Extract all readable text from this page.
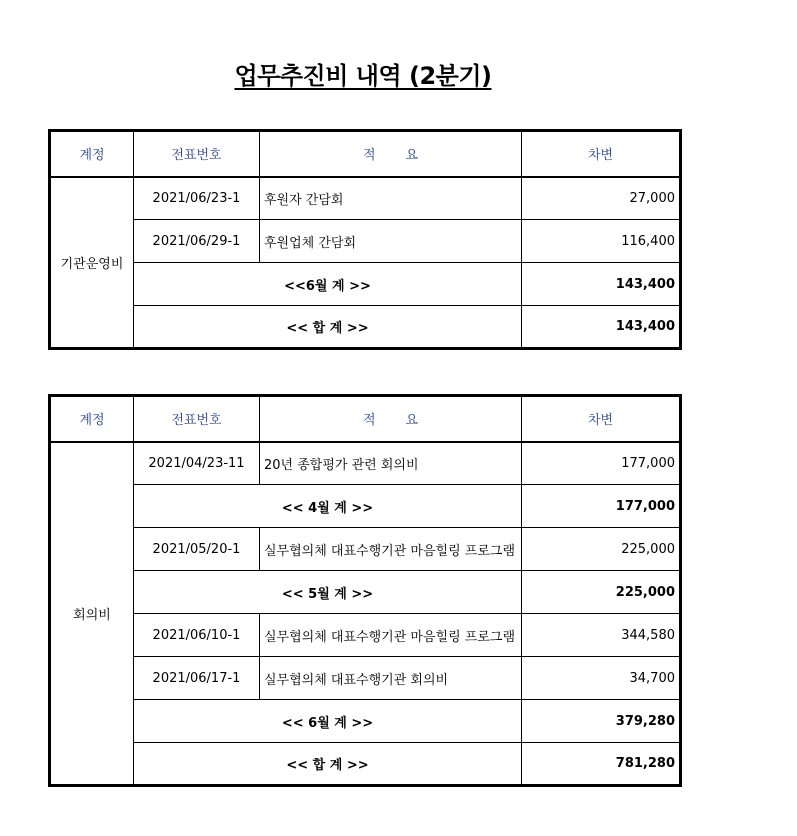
업무추진비 내역 (2분기)
계정	전표번호	적 요	차변
기관운영비	2021/06/23-1	후원자 간담회	27,000
	2021/06/29-1	후원업체 간담회	116,400
	<<6월 계 >>		143,400
	<< 합 계 >>		143,400
계정	전표번호	적 요	차변
회의비	2021/04/23-11	20년 종합평가 관련 회의비	177,000
	<< 4월 계 >>		177,000
	2021/05/20-1	실무협의체 대표수행기관 마음힐링 프로그램	225,000
	<< 5월 계 >>		225,000
	2021/06/10-1	실무협의체 대표수행기관 마음힐링 프로그램	344,580
	2021/06/17-1	실무협의체 대표수행기관 회의비	34,700
	<< 6월 계 >>		379,280
	<< 합 계 >>		781,280
